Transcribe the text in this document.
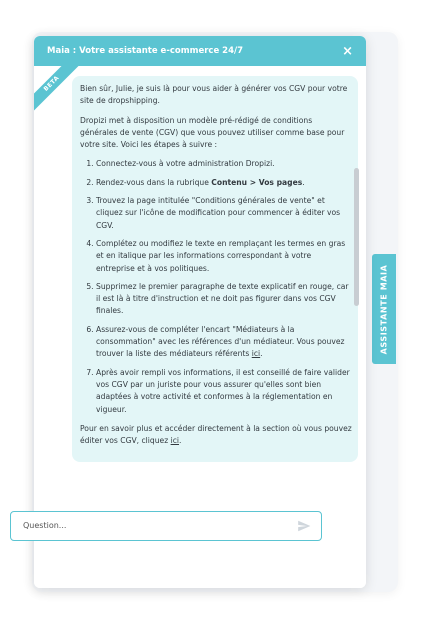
ASSISTANTE MAIA
Maia : Votre assistante e-commerce 24/7	×
BETA	Bien sûr, Julie, je suis là pour vous aider à générer vos CGV pour votre site de dropshipping.

Dropizi met à disposition un modèle pré-rédigé de conditions générales de vente (CGV) que vous pouvez utiliser comme base pour votre site. Voici les étapes à suivre :

1. Connectez-vous à votre administration Dropizi.
2. Rendez-vous dans la rubrique Contenu > Vos pages.
3. Trouvez la page intitulée "Conditions générales de vente" et cliquez sur l'icône de modification pour commencer à éditer vos CGV.
4. Complétez ou modifiez le texte en remplaçant les termes en gras et en italique par les informations correspondant à votre entreprise et à vos politiques.
5. Supprimez le premier paragraphe de texte explicatif en rouge, car il est là à titre d'instruction et ne doit pas figurer dans vos CGV finales.
6. Assurez-vous de compléter l'encart "Médiateurs à la consommation" avec les références d'un médiateur. Vous pouvez trouver la liste des médiateurs référents ici.
7. Après avoir rempli vos informations, il est conseillé de faire valider vos CGV par un juriste pour vous assurer qu'elles sont bien adaptées à votre activité et conformes à la réglementation en vigueur.

Pour en savoir plus et accéder directement à la section où vous pouvez éditer vos CGV, cliquez ici.

Question...
